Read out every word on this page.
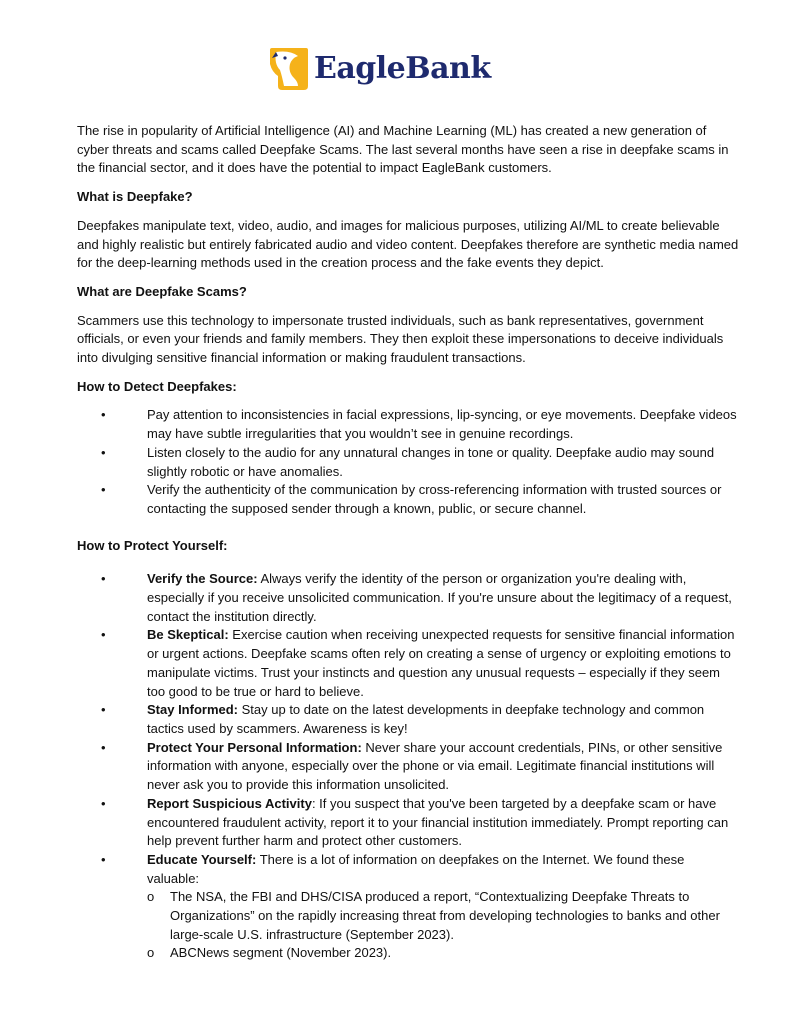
EagleBank

The rise in popularity of Artificial Intelligence (AI) and Machine Learning (ML) has created a new generation of cyber threats and scams called Deepfake Scams. The last several months have seen a rise in deepfake scams in the financial sector, and it does have the potential to impact EagleBank customers.

What is Deepfake?

Deepfakes manipulate text, video, audio, and images for malicious purposes, utilizing AI/ML to create believable and highly realistic but entirely fabricated audio and video content. Deepfakes therefore are synthetic media named for the deep-learning methods used in the creation process and the fake events they depict.

What are Deepfake Scams?

Scammers use this technology to impersonate trusted individuals, such as bank representatives, government officials, or even your friends and family members. They then exploit these impersonations to deceive individuals into divulging sensitive financial information or making fraudulent transactions.

How to Detect Deepfakes:

•	Pay attention to inconsistencies in facial expressions, lip-syncing, or eye movements. Deepfake videos may have subtle irregularities that you wouldn’t see in genuine recordings.
•	Listen closely to the audio for any unnatural changes in tone or quality. Deepfake audio may sound slightly robotic or have anomalies.
•	Verify the authenticity of the communication by cross-referencing information with trusted sources or contacting the supposed sender through a known, public, or secure channel.

How to Protect Yourself:

•	Verify the Source: Always verify the identity of the person or organization you're dealing with, especially if you receive unsolicited communication. If you're unsure about the legitimacy of a request, contact the institution directly.
•	Be Skeptical: Exercise caution when receiving unexpected requests for sensitive financial information or urgent actions. Deepfake scams often rely on creating a sense of urgency or exploiting emotions to manipulate victims. Trust your instincts and question any unusual requests – especially if they seem too good to be true or hard to believe.
•	Stay Informed: Stay up to date on the latest developments in deepfake technology and common tactics used by scammers. Awareness is key!
•	Protect Your Personal Information: Never share your account credentials, PINs, or other sensitive information with anyone, especially over the phone or via email. Legitimate financial institutions will never ask you to provide this information unsolicited.
•	Report Suspicious Activity: If you suspect that you've been targeted by a deepfake scam or have encountered fraudulent activity, report it to your financial institution immediately. Prompt reporting can help prevent further harm and protect other customers.
•	Educate Yourself: There is a lot of information on deepfakes on the Internet. We found these valuable:
o The NSA, the FBI and DHS/CISA produced a report, “Contextualizing Deepfake Threats to Organizations” on the rapidly increasing threat from developing technologies to banks and other large-scale U.S. infrastructure (September 2023).
o ABCNews segment (November 2023).
